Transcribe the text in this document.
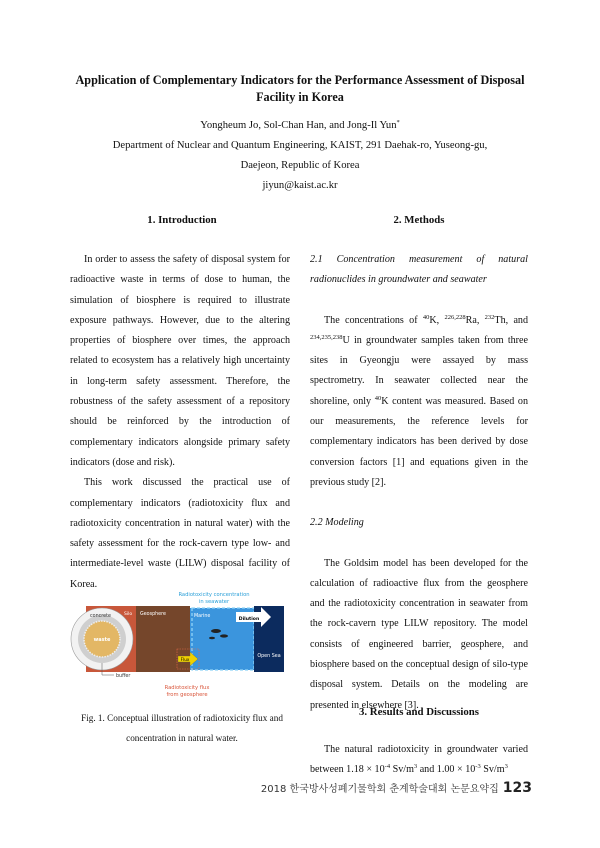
Application of Complementary Indicators for the Performance Assessment of Disposal Facility in Korea
Yongheum Jo, Sol-Chan Han, and Jong-Il Yun*
Department of Nuclear and Quantum Engineering, KAIST, 291 Daehak-ro, Yuseong-gu,
Daejeon, Republic of Korea
jiyun@kaist.ac.kr
1. Introduction

In order to assess the safety of disposal system for radioactive waste in terms of dose to human, the simulation of biosphere is required to illustrate exposure pathways. However, due to the altering properties of biosphere over times, the approach related to ecosystem has a relatively high uncertainty in long-term safety assessment. Therefore, the robustness of the safety assessment of a repository should be reinforced by the introduction of complementary indicators alongside primary safety indicators (dose and risk).

This work discussed the practical use of complementary indicators (radiotoxicity flux and radiotoxicity concentration in natural water) with the safety assessment for the rock-cavern type low- and intermediate-level waste (LILW) disposal facility of Korea.

Radiotoxicity concentration
in seawater
Silo
concrete
waste
buffer
Geosphere	Marine
Open Sea
Dilution
Flux
Radiotoxicity flux
from geosphere
Fig. 1. Conceptual illustration of radiotoxicity flux and concentration in natural water.
2. Methods

2.1 Concentration measurement of natural radionuclides in groundwater and seawater

The concentrations of $^{40}$K, $^{226,228}$Ra, $^{232}$Th, and $^{234,235,238}$U in groundwater samples taken from three sites in Gyeongju were assayed by mass spectrometry. In seawater collected near the shoreline, only $^{40}$K content was measured. Based on our measurements, the reference levels for complementary indicators has been derived by dose conversion factors [1] and equations given in the previous study [2].

2.2 Modeling

The Goldsim model has been developed for the calculation of radioactive flux from the geosphere and the radiotoxicity concentration in seawater from the rock-cavern type LILW repository. The model consists of engineered barrier, geosphere, and biosphere based on the conceptual design of silo-type disposal system. Details on the modeling are presented in elsewhere [3].

3. Results and Discussions

The natural radiotoxicity in groundwater varied between $1.18 \times 10^{-4}$ $Sv/m^3$ and $1.00 \times 10^{-3}$ $Sv/m^3$

2018 한국방사성폐기물학회 춘계학술대회 논문요약집 123
